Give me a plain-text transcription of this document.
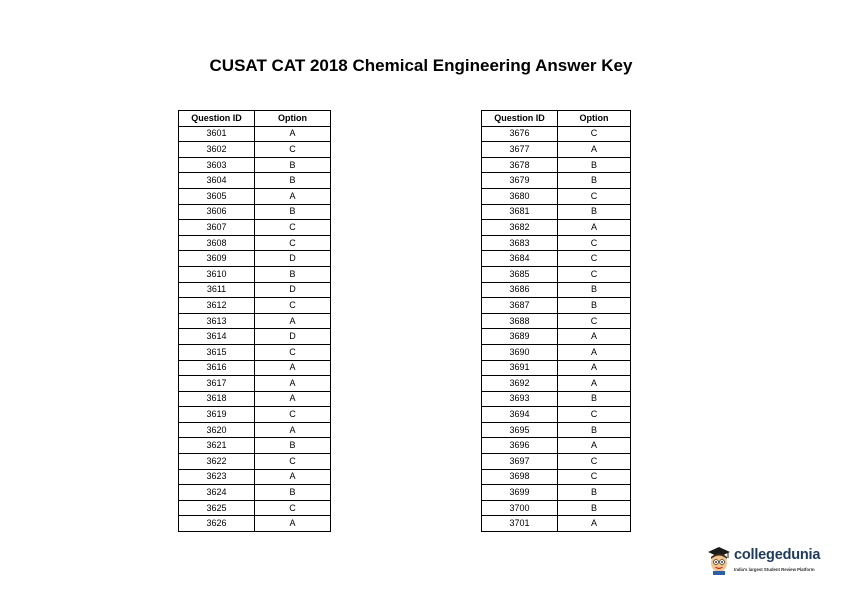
CUSAT CAT 2018 Chemical Engineering Answer Key
Question ID	Option
3601	A
3602	C
3603	B
3604	B
3605	A
3606	B
3607	C
3608	C
3609	D
3610	B
3611	D
3612	C
3613	A
3614	D
3615	C
3616	A
3617	A
3618	A
3619	C
3620	A
3621	B
3622	C
3623	A
3624	B
3625	C
3626	A
Question ID	Option
3676	C
3677	A
3678	B
3679	B
3680	C
3681	B
3682	A
3683	C
3684	C
3685	C
3686	B
3687	B
3688	C
3689	A
3690	A
3691	A
3692	A
3693	B
3694	C
3695	B
3696	A
3697	C
3698	C
3699	B
3700	B
3701	A
collegedunia
India's largest Student Review Platform
